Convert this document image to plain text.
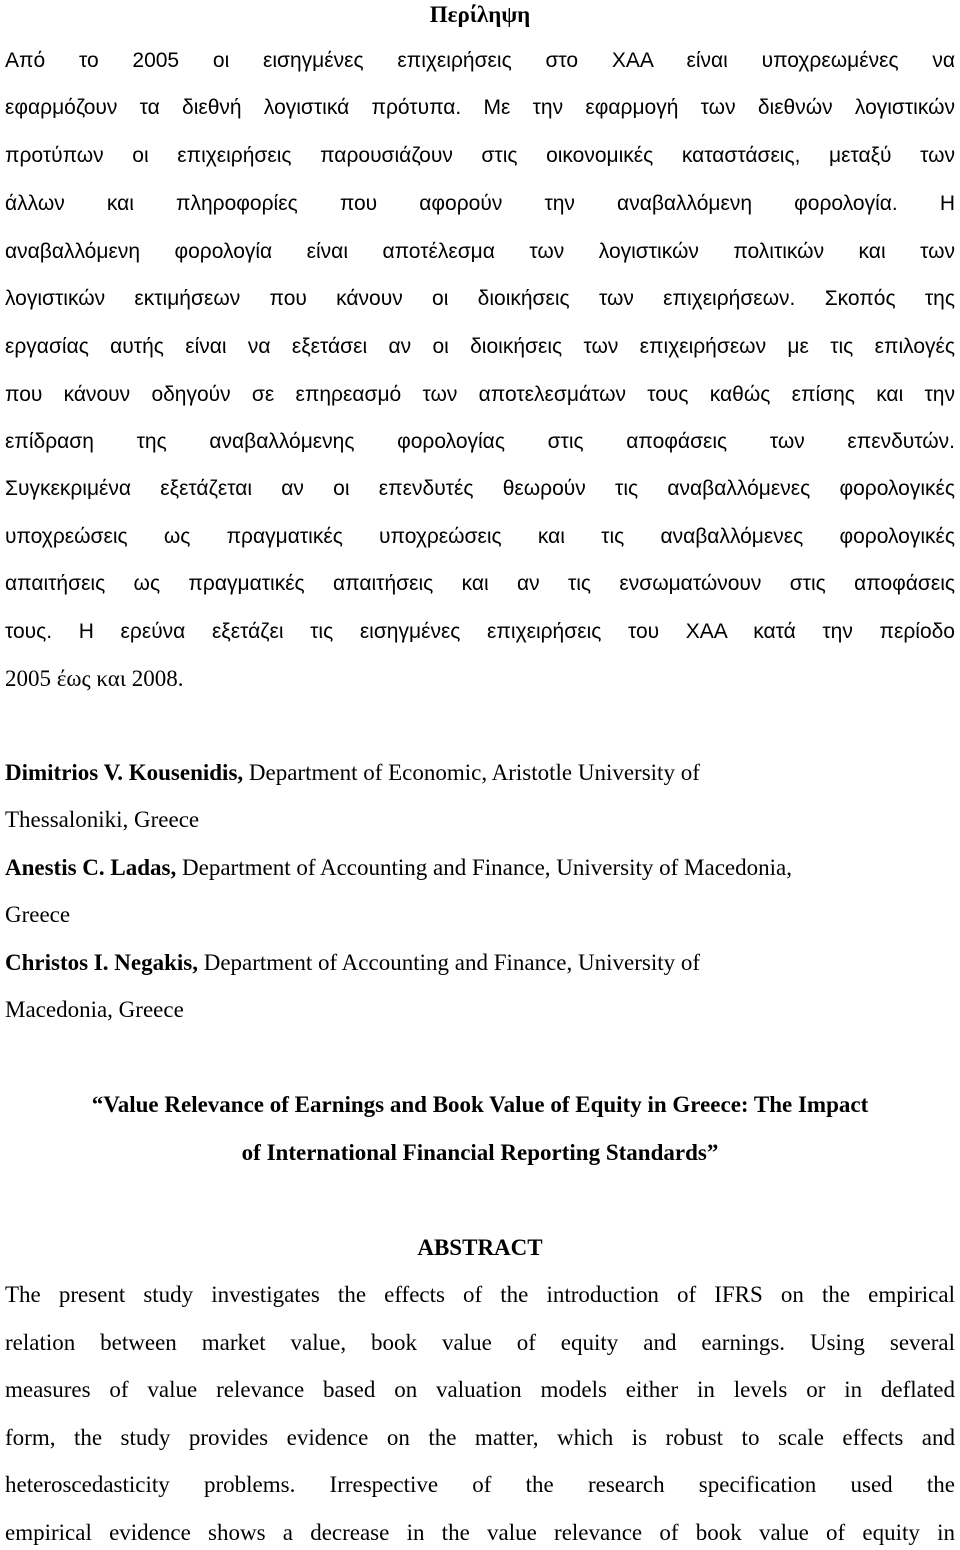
Περίληψη
Από το 2005 οι εισηγμένες επιχειρήσεις στο ΧΑΑ είναι υποχρεωμένες να
εφαρμόζουν τα διεθνή λογιστικά πρότυπα. Με την εφαρμογή των διεθνών λογιστικών
προτύπων οι επιχειρήσεις παρουσιάζουν στις οικονομικές καταστάσεις, μεταξύ των
άλλων και πληροφορίες που αφορούν την αναβαλλόμενη φορολογία. Η
αναβαλλόμενη φορολογία είναι αποτέλεσμα των λογιστικών πολιτικών και των
λογιστικών εκτιμήσεων που κάνουν οι διοικήσεις των επιχειρήσεων. Σκοπός της
εργασίας αυτής είναι να εξετάσει αν οι διοικήσεις των επιχειρήσεων με τις επιλογές
που κάνουν οδηγούν σε επηρεασμό των αποτελεσμάτων τους καθώς επίσης και την
επίδραση της αναβαλλόμενης φορολογίας στις αποφάσεις των επενδυτών.
Συγκεκριμένα εξετάζεται αν οι επενδυτές θεωρούν τις αναβαλλόμενες φορολογικές
υποχρεώσεις ως πραγματικές υποχρεώσεις και τις αναβαλλόμενες φορολογικές
απαιτήσεις ως πραγματικές απαιτήσεις και αν τις ενσωματώνουν στις αποφάσεις
τους. Η ερεύνα εξετάζει τις εισηγμένες επιχειρήσεις του ΧΑΑ κατά την περίοδο
2005 έως και 2008.
Dimitrios V. Kousenidis, Department of Economic, Aristotle University of
Thessaloniki, Greece
Anestis C. Ladas, Department of Accounting and Finance, University of Macedonia,
Greece
Christos I. Negakis, Department of Accounting and Finance, University of
Macedonia, Greece
“Value Relevance of Earnings and Book Value of Equity in Greece: The Impact
of International Financial Reporting Standards”
ABSTRACT
The present study investigates the effects of the introduction of IFRS on the empirical
relation between market value, book value of equity and earnings. Using several
measures of value relevance based on valuation models either in levels or in deflated
form, the study provides evidence on the matter, which is robust to scale effects and
heteroscedasticity problems. Irrespective of the research specification used the
empirical evidence shows a decrease in the value relevance of book value of equity in
